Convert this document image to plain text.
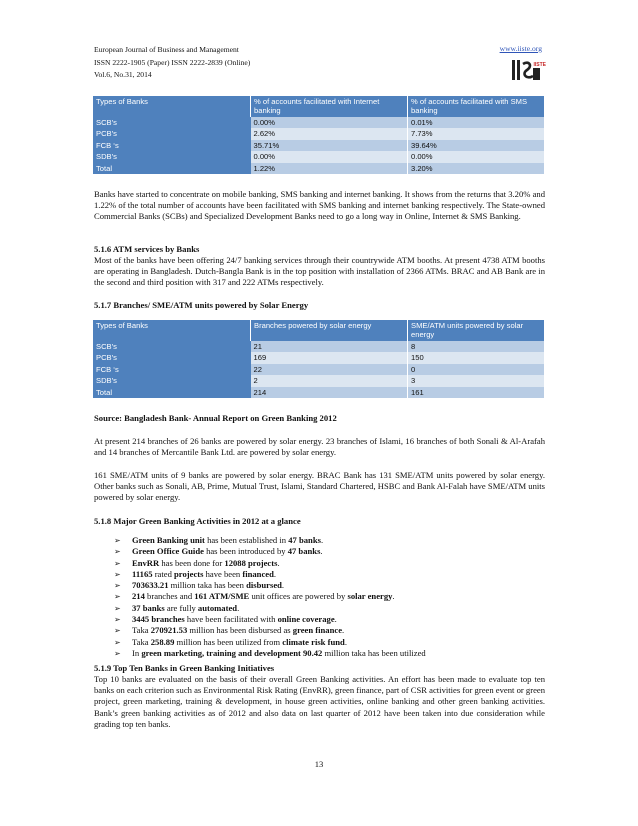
European Journal of Business and Management
ISSN 2222-1905 (Paper) ISSN 2222-2839 (Online)
Vol.6, No.31, 2014
www.iiste.org
IISTE
Types of Banks	% of accounts facilitated with Internet banking	% of accounts facilitated with SMS banking
SCB’s	0.00%	0.01%
PCB’s	2.62%	7.73%
FCB ‘s	35.71%	39.64%
SDB’s	0.00%	0.00%
Total	1.22%	3.20%
Banks have started to concentrate on mobile banking, SMS banking and internet banking. It shows from the returns that 3.20% and 1.22% of the total number of accounts have been facilitated with SMS banking and internet banking respectively. The State-owned Commercial Banks (SCBs) and Specialized Development Banks need to go a long way in Online, Internet & SMS Banking.
5.1.6 ATM services by Banks
Most of the banks have been offering 24/7 banking services through their countrywide ATM booths. At present 4738 ATM booths are operating in Bangladesh. Dutch-Bangla Bank is in the top position with installation of 2366 ATMs. BRAC and AB Bank are in the second and third position with 317 and 222 ATMs respectively.
5.1.7 Branches/ SME/ATM units powered by Solar Energy
Types of Banks	Branches powered by solar energy	SME/ATM units powered by solar energy
SCB’s	21	8
PCB’s	169	150
FCB ‘s	22	0
SDB’s	2	3
Total	214	161
Source: Bangladesh Bank- Annual Report on Green Banking 2012
At present 214 branches of 26 banks are powered by solar energy. 23 branches of Islami, 16 branches of both Sonali & Al-Arafah and 14 branches of Mercantile Bank Ltd. are powered by solar energy.
161 SME/ATM units of 9 banks are powered by solar energy. BRAC Bank has 131 SME/ATM units powered by solar energy. Other banks such as Sonali, AB, Prime, Mutual Trust, Islami, Standard Chartered, HSBC and Bank Al-Falah have SME/ATM units powered by solar energy.
5.1.8 Major Green Banking Activities in 2012 at a glance
➢ Green Banking unit has been established in 47 banks.
➢ Green Office Guide has been introduced by 47 banks.
➢ EnvRR has been done for 12088 projects.
➢ 11165 rated projects have been financed.
➢ 703633.21 million taka has been disbursed.
➢ 214 branches and 161 ATM/SME unit offices are powered by solar energy.
➢ 37 banks are fully automated.
➢ 3445 branches have been facilitated with online coverage.
➢ Taka 270921.53 million has been disbursed as green finance.
➢ Taka 258.89 million has been utilized from climate risk fund.
➢ In green marketing, training and development 90.42 million taka has been utilized
5.1.9 Top Ten Banks in Green Banking Initiatives
Top 10 banks are evaluated on the basis of their overall Green Banking activities. An effort has been made to evaluate top ten banks on each criterion such as Environmental Risk Rating (EnvRR), green finance, part of CSR activities for green event or green project, green marketing, training & development, in house green activities, online banking and other green banking activities. Bank’s green banking activities as of 2012 and also data on last quarter of 2012 have been taken into due consideration while grading top ten banks.
13
